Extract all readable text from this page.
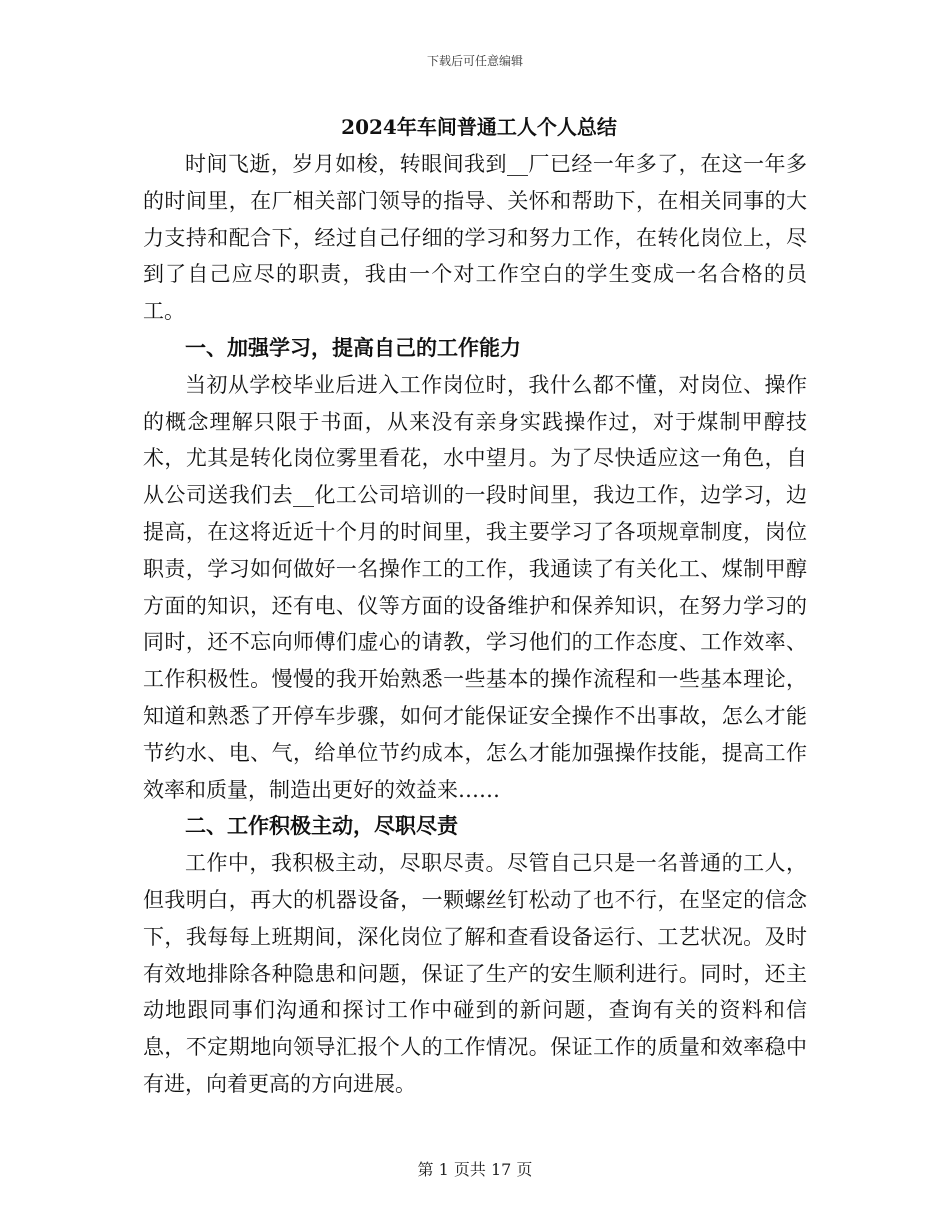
下载后可任意编辑
2024年车间普通工人个人总结

时间飞逝，岁月如梭，转眼间我到__厂已经一年多了，在这一年多的时间里，在厂相关部门领导的指导、关怀和帮助下，在相关同事的大力支持和配合下，经过自己仔细的学习和努力工作，在转化岗位上，尽到了自己应尽的职责，我由一个对工作空白的学生变成一名合格的员工。

一、加强学习，提高自己的工作能力

当初从学校毕业后进入工作岗位时，我什么都不懂，对岗位、操作的概念理解只限于书面，从来没有亲身实践操作过，对于煤制甲醇技术，尤其是转化岗位雾里看花，水中望月。为了尽快适应这一角色，自从公司送我们去__化工公司培训的一段时间里，我边工作，边学习，边提高，在这将近近十个月的时间里，我主要学习了各项规章制度，岗位职责，学习如何做好一名操作工的工作，我通读了有关化工、煤制甲醇方面的知识，还有电、仪等方面的设备维护和保养知识，在努力学习的同时，还不忘向师傅们虚心的请教，学习他们的工作态度、工作效率、工作积极性。慢慢的我开始熟悉一些基本的操作流程和一些基本理论，知道和熟悉了开停车步骤，如何才能保证安全操作不出事故，怎么才能节约水、电、气，给单位节约成本，怎么才能加强操作技能，提高工作效率和质量，制造出更好的效益来……

二、工作积极主动，尽职尽责

工作中，我积极主动，尽职尽责。尽管自己只是一名普通的工人，但我明白，再大的机器设备，一颗螺丝钉松动了也不行，在坚定的信念下，我每每上班期间，深化岗位了解和查看设备运行、工艺状况。及时有效地排除各种隐患和问题，保证了生产的安生顺利进行。同时，还主动地跟同事们沟通和探讨工作中碰到的新问题，查询有关的资料和信息，不定期地向领导汇报个人的工作情况。保证工作的质量和效率稳中有进，向着更高的方向进展。

第 1 页共 17 页
